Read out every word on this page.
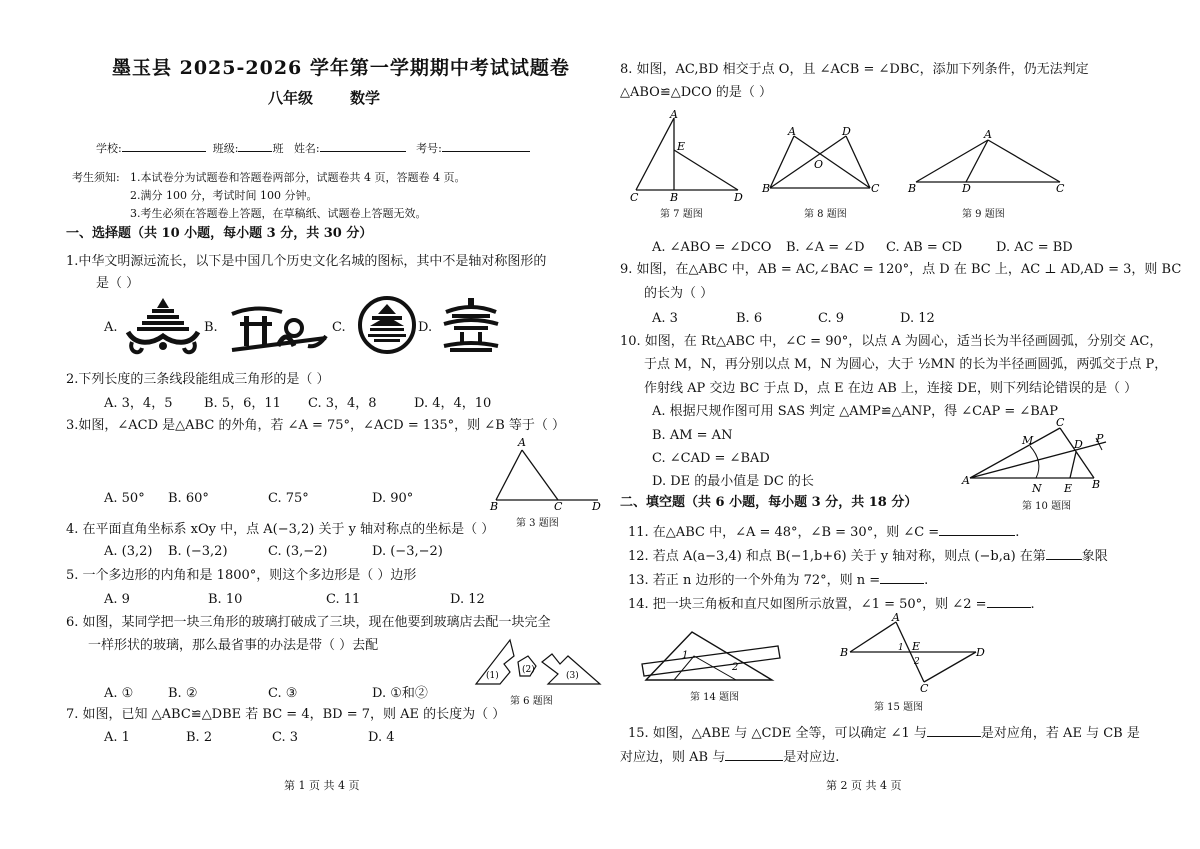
墨玉县 2025-2026 学年第一学期期中考试试题卷
八年级 数学
学校:	班级:	班 姓名:	考号:
考生须知: 1.本试卷分为试题卷和答题卷两部分，试题卷共 4 页，答题卷 4 页。
2.满分 100 分，考试时间 100 分钟。
3.考生必须在答题卷上答题，在草稿纸、试题卷上答题无效。
一、选择题（共 10 小题，每小题 3 分，共 30 分）
1.中华文明源远流长，以下是中国几个历史文化名城的图标，其中不是轴对称图形的
是（ ）
A.	B.	C.	D.
2.下列长度的三条线段能组成三角形的是（ ）
A. 3，4，5 B. 5，6，11 C. 3，4，8	D. 4，4，10
3.如图，∠ACD 是△ABC 的外角，若 ∠A = 75°，∠ACD = 135°，则 ∠B 等于（ ）
A. 50° B. 60°	C. 75°	D. 90°
A
B	C	D
第 3 题图
4. 在平面直角坐标系 xOy 中，点 A(−3,2) 关于 y 轴对称点的坐标是（ ）
A. (3,2) B. (−3,2)	C. (3,−2)	D. (−3,−2)
5. 一个多边形的内角和是 1800°，则这个多边形是（ ）边形
A. 9	B. 10	C. 11	D. 12
6. 如图，某同学把一块三角形的玻璃打破成了三块，现在他要到玻璃店去配一块完全
一样形状的玻璃，那么最省事的办法是带（ ）去配
A. ①	B. ②	C. ③	D. ①和②
(1)
(2)
(3)
第 6 题图
7. 如图，已知 △ABC≌△DBE 若 BC = 4，BD = 7，则 AE 的长度为（ ）
A. 1	B. 2	C. 3	D. 4
第 1 页 共 4 页
8. 如图，AC,BD 相交于点 O，且 ∠ACB = ∠DBC，添加下列条件，仍无法判定
△ABO≌△DCO 的是（ ）
A
E
C	B	D
第 7 题图
A	D
O
B	C
第 8 题图
A
B	D	C
第 9 题图
A. ∠ABO = ∠DCO B. ∠A = ∠D C. AB = CD	D. AC = BD
9. 如图，在△ABC 中，AB = AC,∠BAC = 120°，点 D 在 BC 上，AC ⊥ AD,AD = 3，则 BC
的长为（ ）
A. 3	B. 6	C. 9	D. 12
10. 如图，在 Rt△ABC 中，∠C = 90°，以点 A 为圆心，适当长为半径画圆弧，分别交 AC，
于点 M，N，再分别以点 M，N 为圆心，大于 ½MN 的长为半径画圆弧，两弧交于点 P，
作射线 AP 交边 BC 于点 D，点 E 在边 AB 上，连接 DE，则下列结论错误的是（ ）
A. 根据尺规作图可用 SAS 判定 △AMP≌△ANP，得 ∠CAP = ∠BAP
B. AM = AN
C. ∠CAD = ∠BAD
D. DE 的最小值是 DC 的长	A
C
M	D P
N E B
第 10 题图
二、填空题（共 6 小题，每小题 3 分，共 18 分）
11. 在△ABC 中，∠A = 48°，∠B = 30°，则 ∠C =	.
12. 若点 A(a−3,4) 和点 B(−1,b+6) 关于 y 轴对称，则点 (−b,a) 在第	象限
13. 若正 n 边形的一个外角为 72°，则 n =	.
14. 把一块三角板和直尺如图所示放置，∠1 = 50°，则 ∠2 =	.
1
2
第 14 题图
A
B	1 E
2
D
C
第 15 题图
15. 如图，△ABE 与 △CDE 全等，可以确定 ∠1 与	是对应角，若 AE 与 CB 是
对应边，则 AB 与	是对应边.
第 2 页 共 4 页
